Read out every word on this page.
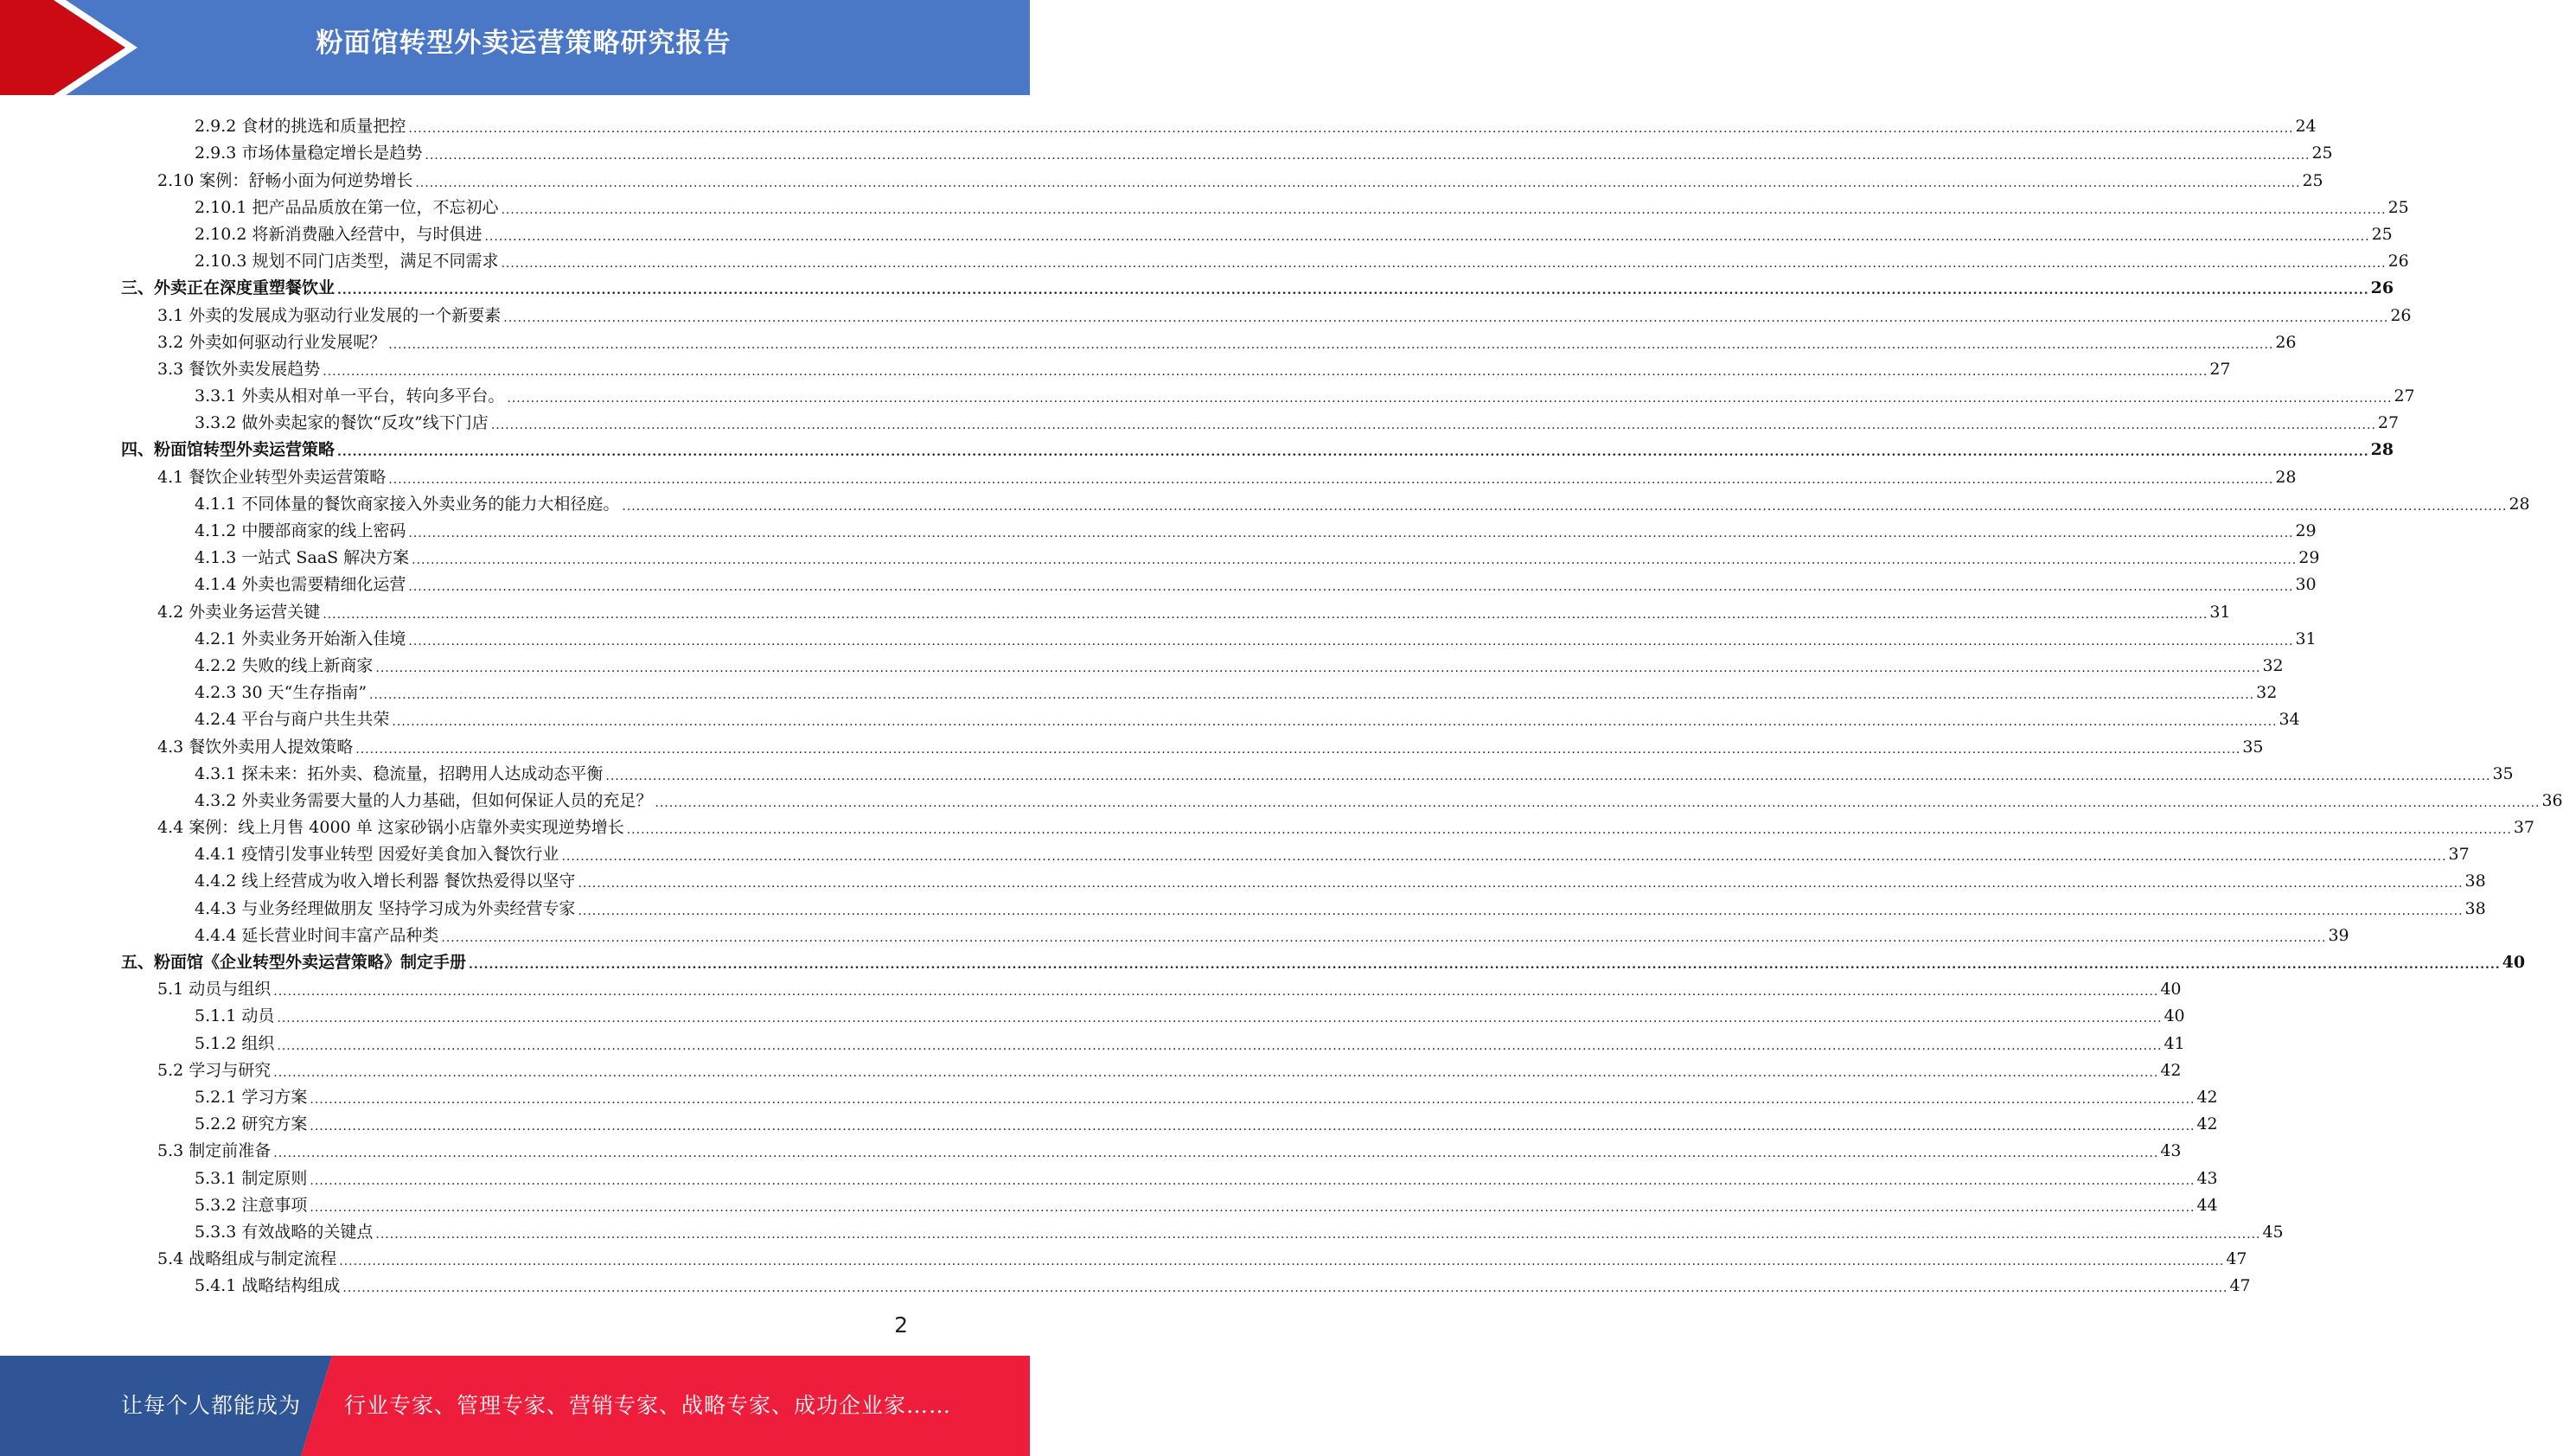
粉面馆转型外卖运营策略研究报告
2.9.2 食材的挑选和质量把控 ................................................................................................................................................................................................................................................................................................................................................................................................................ 24
2.9.3 市场体量稳定增长是趋势 ................................................................................................................................................................................................................................................................................................................................................................................................................ 25
2.10 案例：舒畅小面为何逆势增长 ................................................................................................................................................................................................................................................................................................................................................................................................................ 25
2.10.1 把产品品质放在第一位，不忘初心 ................................................................................................................................................................................................................................................................................................................................................................................................................ 25
2.10.2 将新消费融入经营中，与时俱进 ................................................................................................................................................................................................................................................................................................................................................................................................................ 25
2.10.3 规划不同门店类型，满足不同需求 ................................................................................................................................................................................................................................................................................................................................................................................................................ 26
三、外卖正在深度重塑餐饮业 ................................................................................................................................................................................................................................................................................................................................................................................................................ 26
3.1 外卖的发展成为驱动行业发展的一个新要素 ................................................................................................................................................................................................................................................................................................................................................................................................................ 26
3.2 外卖如何驱动行业发展呢？ ................................................................................................................................................................................................................................................................................................................................................................................................................ 26
3.3 餐饮外卖发展趋势 ................................................................................................................................................................................................................................................................................................................................................................................................................ 27
3.3.1 外卖从相对单一平台，转向多平台。 ................................................................................................................................................................................................................................................................................................................................................................................................................ 27
3.3.2 做外卖起家的餐饮“反攻”线下门店 ................................................................................................................................................................................................................................................................................................................................................................................................................ 27
四、粉面馆转型外卖运营策略 ................................................................................................................................................................................................................................................................................................................................................................................................................ 28
4.1 餐饮企业转型外卖运营策略 ................................................................................................................................................................................................................................................................................................................................................................................................................ 28
4.1.1 不同体量的餐饮商家接入外卖业务的能力大相径庭。 ................................................................................................................................................................................................................................................................................................................................................................................................................ 28
4.1.2 中腰部商家的线上密码 ................................................................................................................................................................................................................................................................................................................................................................................................................ 29
4.1.3 一站式 SaaS 解决方案 ................................................................................................................................................................................................................................................................................................................................................................................................................ 29
4.1.4 外卖也需要精细化运营 ................................................................................................................................................................................................................................................................................................................................................................................................................ 30
4.2 外卖业务运营关键 ................................................................................................................................................................................................................................................................................................................................................................................................................ 31
4.2.1 外卖业务开始渐入佳境 ................................................................................................................................................................................................................................................................................................................................................................................................................ 31
4.2.2 失败的线上新商家 ................................................................................................................................................................................................................................................................................................................................................................................................................ 32
4.2.3 30 天“生存指南” ................................................................................................................................................................................................................................................................................................................................................................................................................ 32
4.2.4 平台与商户共生共荣 ................................................................................................................................................................................................................................................................................................................................................................................................................ 34
4.3 餐饮外卖用人提效策略 ................................................................................................................................................................................................................................................................................................................................................................................................................ 35
4.3.1 探未来：拓外卖、稳流量，招聘用人达成动态平衡 ................................................................................................................................................................................................................................................................................................................................................................................................................ 35
4.3.2 外卖业务需要大量的人力基础，但如何保证人员的充足？ ................................................................................................................................................................................................................................................................................................................................................................................................................ 36
4.4 案例：线上月售 4000 单 这家砂锅小店靠外卖实现逆势增长 ................................................................................................................................................................................................................................................................................................................................................................................................................ 37
4.4.1 疫情引发事业转型 因爱好美食加入餐饮行业 ................................................................................................................................................................................................................................................................................................................................................................................................................ 37
4.4.2 线上经营成为收入增长利器 餐饮热爱得以坚守 ................................................................................................................................................................................................................................................................................................................................................................................................................ 38
4.4.3 与业务经理做朋友 坚持学习成为外卖经营专家 ................................................................................................................................................................................................................................................................................................................................................................................................................ 38
4.4.4 延长营业时间丰富产品种类 ................................................................................................................................................................................................................................................................................................................................................................................................................ 39
五、粉面馆《企业转型外卖运营策略》制定手册 ................................................................................................................................................................................................................................................................................................................................................................................................................ 40
5.1 动员与组织 ................................................................................................................................................................................................................................................................................................................................................................................................................ 40
5.1.1 动员 ................................................................................................................................................................................................................................................................................................................................................................................................................ 40
5.1.2 组织 ................................................................................................................................................................................................................................................................................................................................................................................................................ 41
5.2 学习与研究 ................................................................................................................................................................................................................................................................................................................................................................................................................ 42
5.2.1 学习方案 ................................................................................................................................................................................................................................................................................................................................................................................................................ 42
5.2.2 研究方案 ................................................................................................................................................................................................................................................................................................................................................................................................................ 42
5.3 制定前准备 ................................................................................................................................................................................................................................................................................................................................................................................................................ 43
5.3.1 制定原则 ................................................................................................................................................................................................................................................................................................................................................................................................................ 43
5.3.2 注意事项 ................................................................................................................................................................................................................................................................................................................................................................................................................ 44
5.3.3 有效战略的关键点 ................................................................................................................................................................................................................................................................................................................................................................................................................ 45
5.4 战略组成与制定流程 ................................................................................................................................................................................................................................................................................................................................................................................................................ 47
5.4.1 战略结构组成 ................................................................................................................................................................................................................................................................................................................................................................................................................ 47
2
让每个人都能成为 行业专家、管理专家、营销专家、战略专家、成功企业家……
